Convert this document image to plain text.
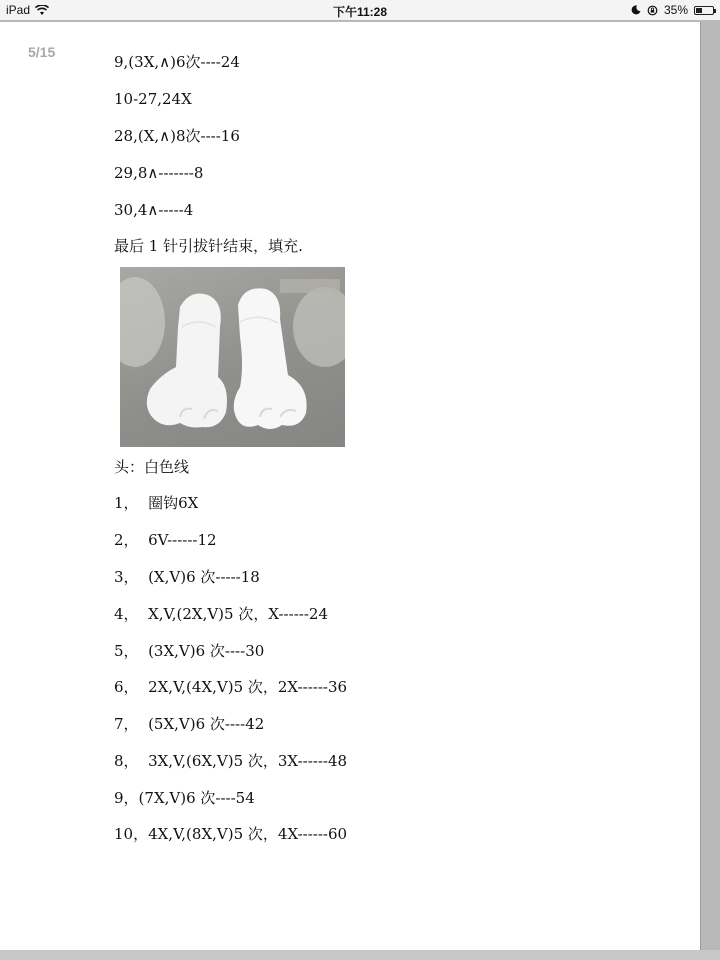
iPad	下午11:28	35%
5/15
9,(3X,∧)6次----24
10-27,24X
28,(X,∧)8次----16
29,8∧-------8
30,4∧-----4
最后 1 针引拔针结束，填充.
头：白色线
1，  圈钩6X
2，  6V------12
3，  (X,V)6 次-----18
4，  X,V,(2X,V)5 次，X------24
5，  (3X,V)6 次----30
6，  2X,V,(4X,V)5 次，2X------36
7，  (5X,V)6 次----42
8，  3X,V,(6X,V)5 次，3X------48
9，(7X,V)6 次----54
10，4X,V,(8X,V)5 次，4X------60
